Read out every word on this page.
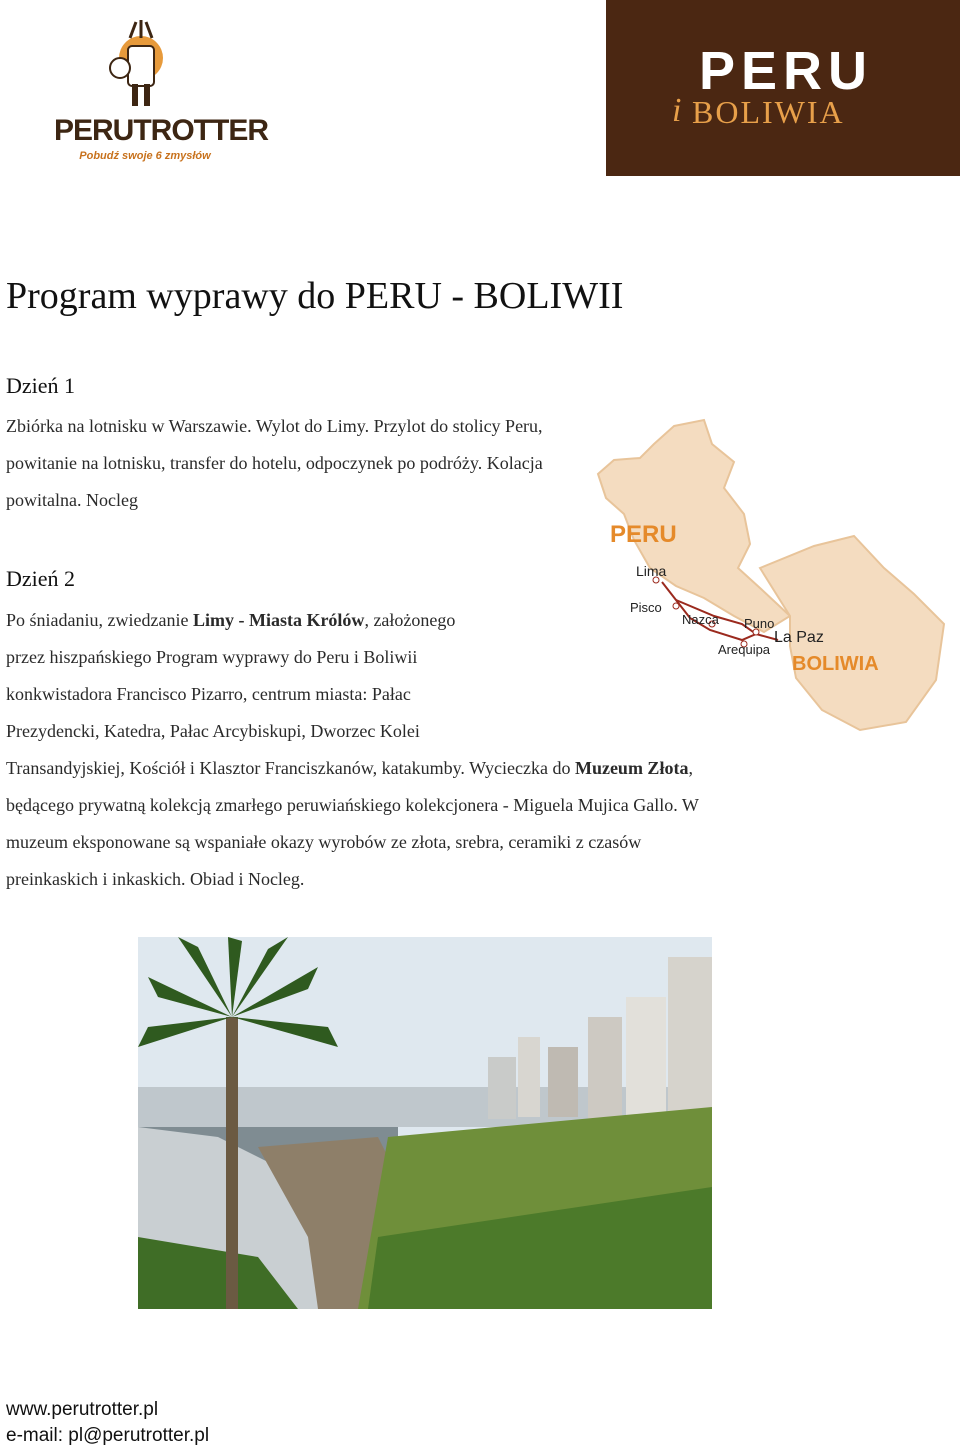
PERUTROTTER
Pobudź swoje 6 zmysłów
PERU
i BOLIWIA
Program wyprawy do PERU - BOLIWII
Dzień 1

Zbiórka na lotnisku w Warszawie. Wylot do Limy. Przylot do stolicy Peru, powitanie na lotnisku, transfer do hotelu, odpoczynek po podróży. Kolacja powitalna. Nocleg

Dzień 2
Po śniadaniu, zwiedzanie Limy - Miasta Królów, założonego
przez hiszpańskiego Program wyprawy do Peru i Boliwii
konkwistadora Francisco Pizarro, centrum miasta: Pałac
Prezydencki, Katedra, Pałac Arcybiskupi, Dworzec Kolei
Transandyjskiej, Kościół i Klasztor Franciszkanów, katakumby. Wycieczka do Muzeum Złota,
będącego prywatną kolekcją zmarłego peruwiańskiego kolekcjonera - Miguela Mujica Gallo. W
muzeum eksponowane są wspaniałe okazy wyrobów ze złota, srebra, ceramiki z czasów
preinkaskich i inkaskich. Obiad i Nocleg.
PERU
Lima
Pisco
Nazca Puno
Arequipa
La Paz
BOLIWIA

www.perutrotter.pl

e-mail: pl@perutrotter.pl
